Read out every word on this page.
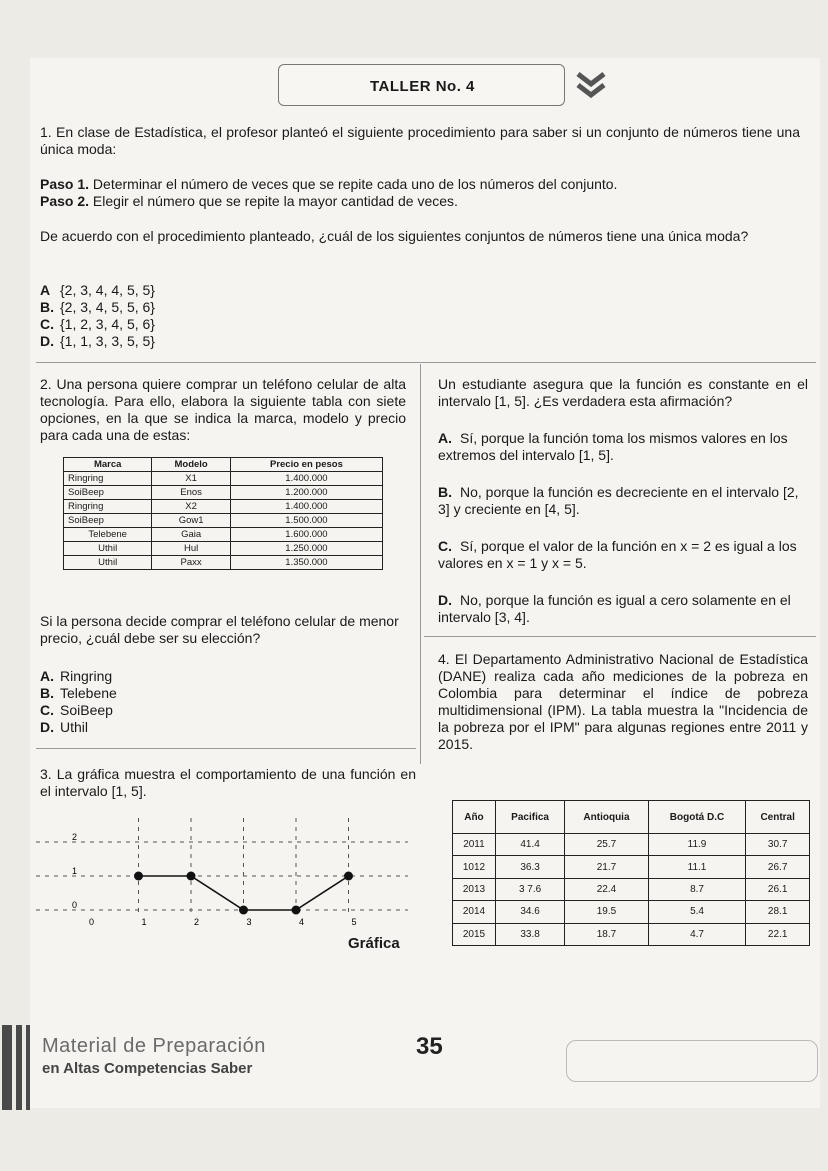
TALLER No. 4
1. En clase de Estadística, el profesor planteó el siguiente procedimiento para saber si un conjunto de números tiene una única moda:
Paso 1. Determinar el número de veces que se repite cada uno de los números del conjunto.
Paso 2. Elegir el número que se repite la mayor cantidad de veces.
De acuerdo con el procedimiento planteado, ¿cuál de los siguientes conjuntos de números tiene una única moda?
A {2, 3, 4, 4, 5, 5}
B. {2, 3, 4, 5, 5, 6}
C. {1, 2, 3, 4, 5, 6}
D. {1, 1, 3, 3, 5, 5}
2. Una persona quiere comprar un teléfono celular de alta tecnología. Para ello, elabora la siguiente tabla con siete opciones, en la que se indica la marca, modelo y precio para cada una de estas:
Marca	Modelo	Precio en pesos
Ringring	X1	1.400.000
SoiBeep	Enos	1.200.000
Ringring	X2	1.400.000
SoiBeep	Gow1	1.500.000
Telebene	Gaia	1.600.000
Uthil	Hul	1.250.000
Uthil	Paxx	1.350.000
Si la persona decide comprar el teléfono celular de menor precio, ¿cuál debe ser su elección?
A. Ringring
B. Telebene
C. SoiBeep
D. Uthil
Un estudiante asegura que la función es constante en el intervalo [1, 5]. ¿Es verdadera esta afirmación?
A. Sí, porque la función toma los mismos valores en los extremos del intervalo [1, 5].
B. No, porque la función es decreciente en el intervalo [2, 3] y creciente en [4, 5].
C. Sí, porque el valor de la función en x = 2 es igual a los valores en x = 1 y x = 5.
D. No, porque la función es igual a cero solamente en el intervalo [3, 4].
4. El Departamento Administrativo Nacional de Estadística (DANE) realiza cada año mediciones de la pobreza en Colombia para determinar el índice de pobreza multidimensional (IPM). La tabla muestra la "Incidencia de la pobreza por el IPM" para algunas regiones entre 2011 y 2015.
Año	Pacifica	Antioquia	Bogotá D.C	Central
2011	41.4	25.7	11.9	30.7
1012	36.3	21.7	11.1	26.7
2013	3 7.6	22.4	8.7	26.1
2014	34.6	19.5	5.4	28.1
2015	33.8	18.7	4.7	22.1
3. La gráfica muestra el comportamiento de una función en el intervalo [1, 5].
0	1	2	3	4	5
0
1
2
Gráfica
Material de Preparación
en Altas Competencias Saber
35
